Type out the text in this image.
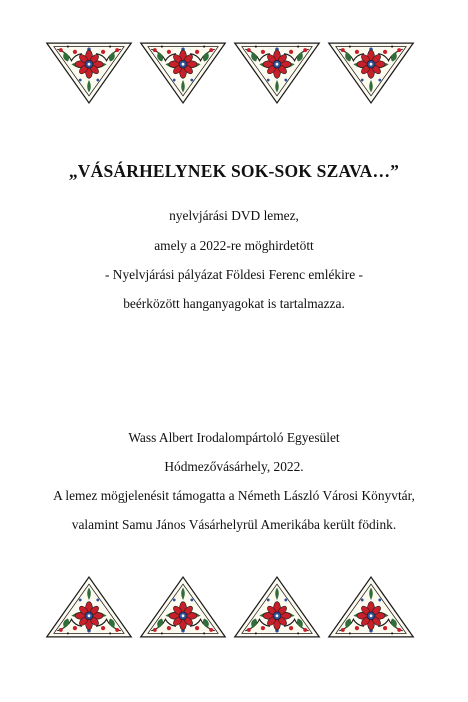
„VÁSÁRHELYNEK SOK-SOK SZAVA…”
nyelvjárási DVD lemez,
amely a 2022-re möghirdetött
- Nyelvjárási pályázat Földesi Ferenc emlékire -
beérközött hanganyagokat is tartalmazza.
Wass Albert Irodalompártoló Egyesület
Hódmezővásárhely, 2022.
A lemez mögjelenésit támogatta a Németh László Városi Könyvtár,
valamint Samu János Vásárhelyrül Amerikába került födink.
